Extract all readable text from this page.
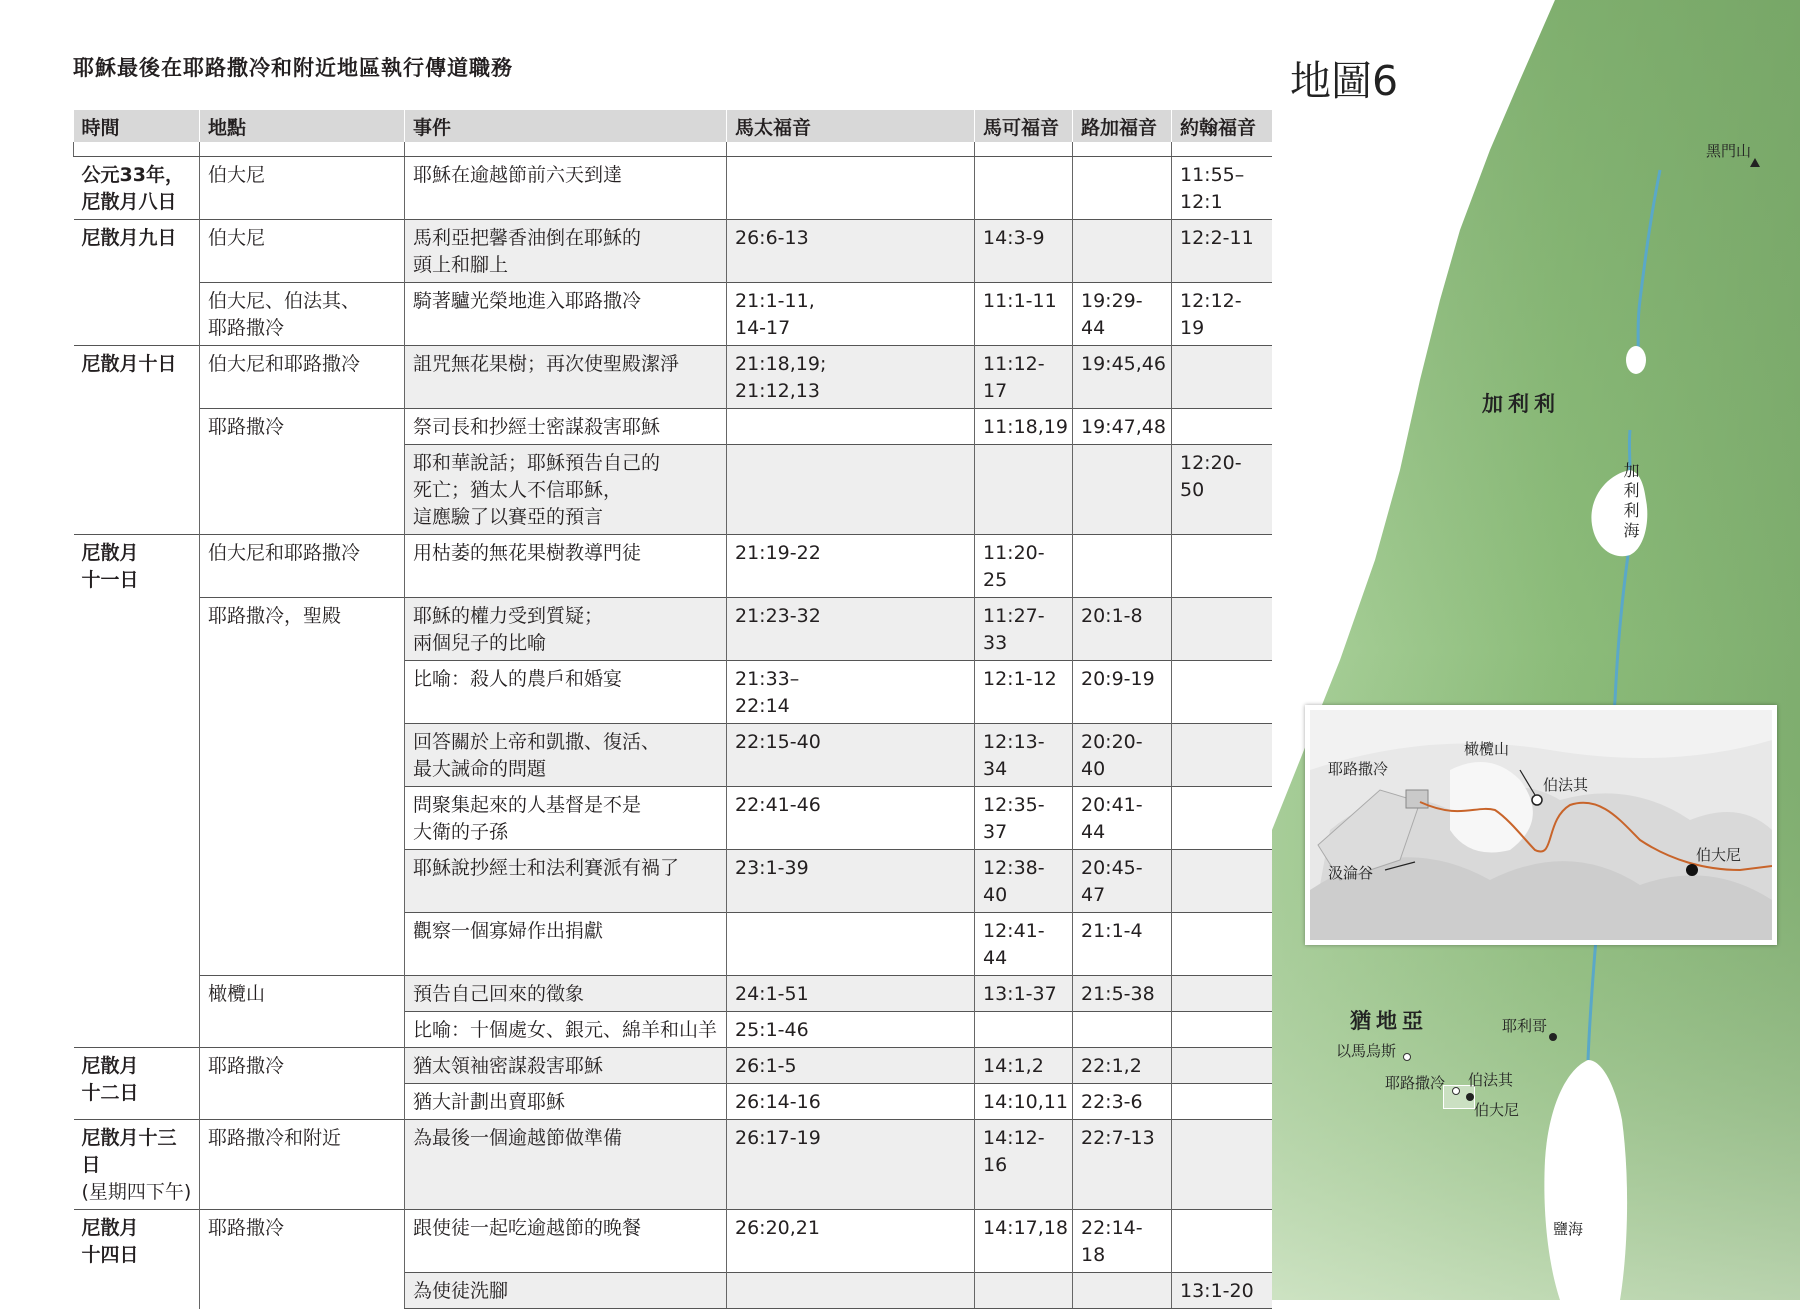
耶穌最後在耶路撒冷和附近地區執行傳道職務	地圖6
時間	地點	事件	馬太福音	馬可福音	路加福音	約翰福音

公元33年，
尼散月八日	伯大尼	耶穌在逾越節前六天到達				11:55–
12:1
尼散月九日	伯大尼	馬利亞把馨香油倒在耶穌的
頭上和腳上	26:6-13	14:3-9		12:2-11
	伯大尼、伯法其、
耶路撒冷	騎著驢光榮地進入耶路撒冷	21:1-11,
14-17	11:1-11	19:29-44	12:12-19
尼散月十日	伯大尼和耶路撒冷	詛咒無花果樹；再次使聖殿潔淨	21:18,19;
21:12,13	11:12-17	19:45,46	
	耶路撒冷	祭司長和抄經士密謀殺害耶穌		11:18,19	19:47,48	
		耶和華說話；耶穌預告自己的
死亡；猶太人不信耶穌，
這應驗了以賽亞的預言				12:20-50
尼散月
十一日	伯大尼和耶路撒冷	用枯萎的無花果樹教導門徒	21:19-22	11:20-25		
	耶路撒冷，聖殿	耶穌的權力受到質疑；
兩個兒子的比喻	21:23-32	11:27-33	20:1-8	
		比喻：殺人的農戶和婚宴	21:33–
22:14	12:1-12	20:9-19	
		回答關於上帝和凱撒、復活、
最大誡命的問題	22:15-40	12:13-34	20:20-40	
		問聚集起來的人基督是不是
大衛的子孫	22:41-46	12:35-37	20:41-44	
		耶穌說抄經士和法利賽派有禍了	23:1-39	12:38-40	20:45-47	
		觀察一個寡婦作出捐獻		12:41-44	21:1-4	
	橄欖山	預告自己回來的徵象	24:1-51	13:1-37	21:5-38	
		比喻：十個處女、銀元、綿羊和山羊	25:1-46			
尼散月
十二日	耶路撒冷	猶太領袖密謀殺害耶穌	26:1-5	14:1,2	22:1,2	
		猶大計劃出賣耶穌	26:14-16	14:10,11	22:3-6	
尼散月十三日
(星期四下午)	耶路撒冷和附近	為最後一個逾越節做準備	26:17-19	14:12-16	22:7-13	
尼散月
十四日	耶路撒冷	跟使徒一起吃逾越節的晚餐	26:20,21	14:17,18	22:14-18	
		為使徒洗腳				13:1-20
黑門山
加利利
加利利海
猶地亞	耶利哥
以馬烏斯
耶路撒冷 伯法其
伯大尼
鹽海
耶路撒冷
橄欖山
伯法其
汲淪谷
伯大尼
